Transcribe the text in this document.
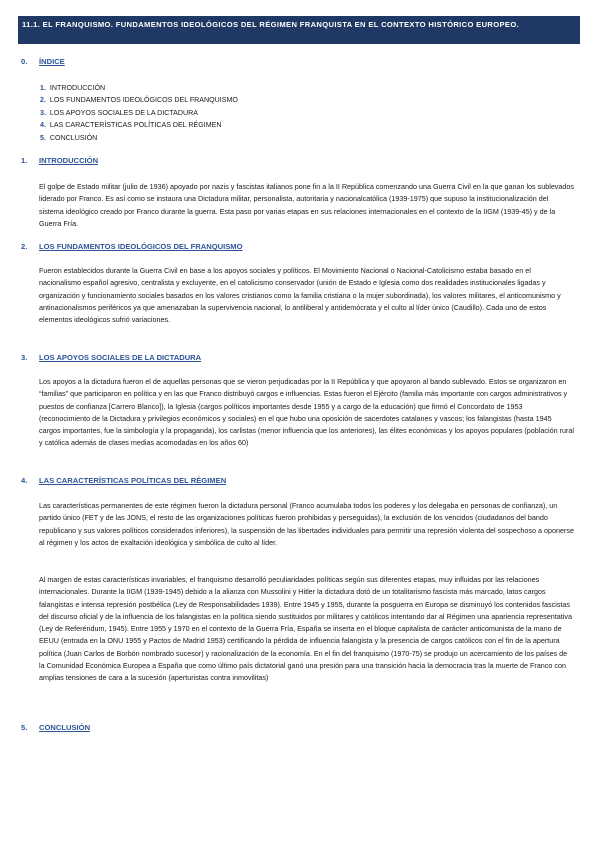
11.1. EL FRANQUISMO. FUNDAMENTOS IDEOLÓGICOS DEL RÉGIMEN FRANQUISTA EN EL CONTEXTO HISTÓRICO EUROPEO.
0. ÍNDICE
1. INTRODUCCIÓN
2. LOS FUNDAMENTOS IDEOLÓGICOS DEL FRANQUISMO
3. LOS APOYOS SOCIALES DE LA DICTADURA
4. LAS CARACTERÍSTICAS POLÍTICAS DEL RÉGIMEN
5. CONCLUSIÓN
1. INTRODUCCIÓN

El golpe de Estado militar (julio de 1936) apoyado por nazis y fascistas italianos pone fin a la II República comenzando una Guerra Civil en la que ganan los sublevados liderado por Franco. Es así como se instaura una Dictadura militar, personalista, autoritaria y nacionalcatólica (1939-1975) que supuso la institucionalización del sistema ideológico creado por Franco durante la guerra. Esta paso por varias etapas en sus relaciones internacionales en el contexto de la IIGM (1939-45) y de la Guerra Fría.

2. LOS FUNDAMENTOS IDEOLÓGICOS DEL FRANQUISMO

Fueron establecidos durante la Guerra Civil en base a los apoyos sociales y políticos. El Movimiento Nacional o Nacional-Catolicismo estaba basado en el nacionalismo español agresivo, centralista y excluyente, en el catolicismo conservador (unión de Estado e Iglesia como dos realidades institucionales ligadas y organización y funcionamiento sociales basados en los valores cristianos como la familia cristiana o la mujer subordinada), los valores militares, el anticomunismo y antinacionalismos periféricos ya que amenazaban la supervivencia nacional, lo antiliberal y antidemócrata y el culto al líder único (Caudillo). Cada uno de estos elementos ideológicos sufrió variaciones.

3. LOS APOYOS SOCIALES DE LA DICTADURA

Los apoyos a la dictadura fueron el de aquellas personas que se vieron perjudicadas por la II República y que apoyaron al bando sublevado. Estos se organizaron en “familias” que participaron en política y en las que Franco distribuyó cargos e influencias. Estas fueron el Ejército (familia más importante con cargos administrativos y puestos de confianza [Carrero Blanco]), la Iglesia (cargos políticos importantes desde 1955 y a cargo de la educación) que firmó el Concordato de 1953 (reconocimiento de la Dictadura y privilegios económicos y sociales) en el que hubo una oposición de sacerdotes catalanes y vascos; los falangistas (hasta 1945 cargos importantes, fue la simbología y la propaganda), los carlistas (menor influencia que los anteriores), las élites económicas y los apoyos populares (población rural y católica además de clases medias acomodadas en los años 60)

4. LAS CARACTERÍSTICAS POLÍTICAS DEL RÉGIMEN

Las características permanentes de este régimen fueron la dictadura personal (Franco acumulaba todos los poderes y los delegaba en personas de confianza), un partido único (FET y de las JONS, el resto de las organizaciones políticas fueron prohibidas y perseguidas), la exclusión de los vencidos (ciudadanos del bando republicano y sus valores políticos considerados inferiores), la suspensión de las libertades individuales para permitir una represión violenta del sospechoso a oponerse al régimen y los actos de exaltación ideológica y simbólica de culto al líder.

Al margen de estas características invariables, el franquismo desarrolló peculiaridades políticas según sus diferentes etapas, muy influidas por las relaciones internacionales. Durante la IIGM (1939-1945) debido a la alianza con Mussolini y Hitler la dictadura dotó de un totalitarismo fascista más marcado, latos cargos falangistas e intensa represión postbélica (Ley de Responsabilidades 1939). Entre 1945 y 1955, durante la posguerra en Europa se disminuyó los contenidos fascistas del discurso oficial y de la influencia de los falangistas en la política siendo sustituidos por militares y católicos intentando dar al Régimen una apariencia representativa (Ley de Referéndum, 1945). Entre 1955 y 1970 en el contexto de la Guerra Fría, España se inserta en el bloque capitalista de carácter anticomunista de la mano de EEUU (entrada en la ONU 1955 y Pactos de Madrid 1953) certificando la pérdida de influencia falangista y la presencia de cargos católicos con el fin de la apertura política (Juan Carlos de Borbón nombrado sucesor) y racionalización de la economía. En el fin del franquismo (1970-75) se produjo un acercamiento de los países de la Comunidad Económica Europea a España que como último país dictatorial ganó una presión para una transición hacia la democracia tras la muerte de Franco con amplias tensiones de cara a la sucesión (aperturistas contra inmovilitas)

5. CONCLUSIÓN
